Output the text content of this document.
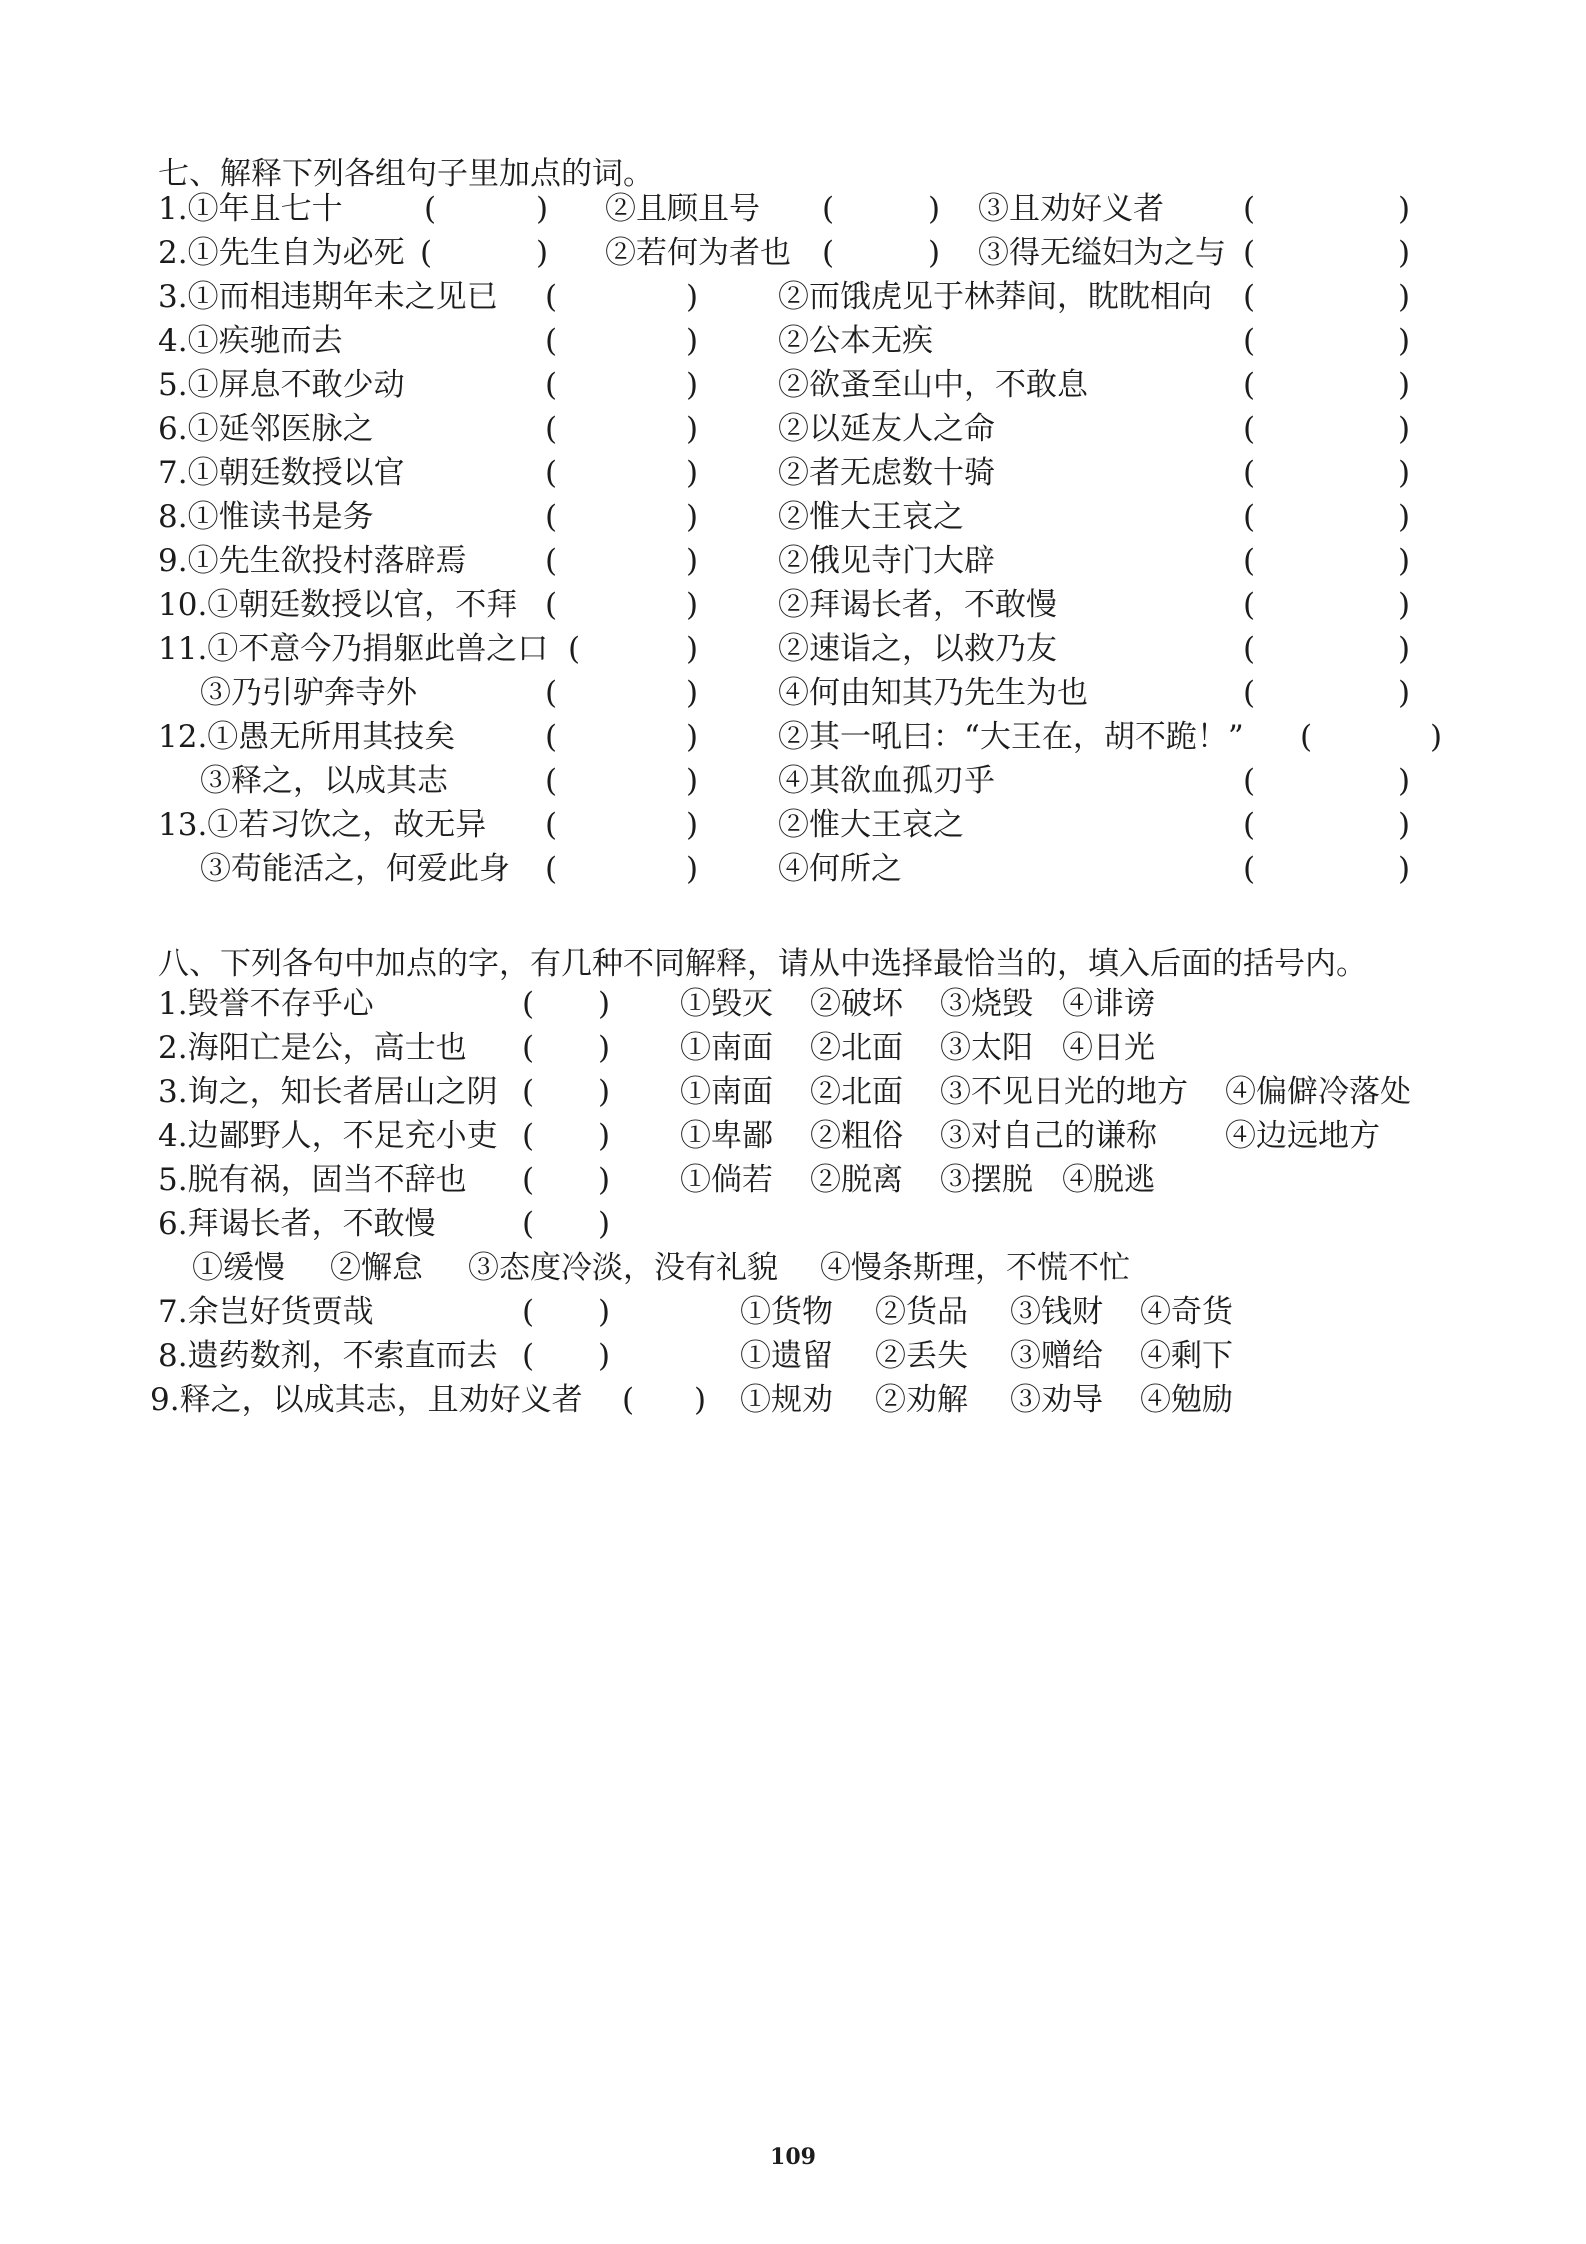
七、解释下列各组句子里加点的词。
1.①年且七十	(	) ②且顾且号 (	) ③且劝好义者	(	)
2.①先生自为必死 (	) ②若何为者也 (	) ③得无缢妇为之与 (	)
3.①而相违期年未之见已 (	)	②而饿虎见于林莽间，眈眈相向 (	)
4.①疾驰而去	(	)	②公本无疾	(	)
5.①屏息不敢少动	(	)	②欲蚤至山中，不敢息	(	)
6.①延邻医脉之	(	)	②以延友人之命	(	)
7.①朝廷数授以官	(	)	②者无虑数十骑	(	)
8.①惟读书是务	(	)	②惟大王哀之	(	)
9.①先生欲投村落辟焉	(	)	②俄见寺门大辟	(	)
10.①朝廷数授以官，不拜 (	)	②拜谒长者，不敢慢	(	)
11.①不意今乃捐躯此兽之口 (	)	②速诣之，以救乃友	(	)
③乃引驴奔寺外	(	)	④何由知其乃先生为也	(	)
12.①愚无所用其技矣	(	)	②其一吼曰：“大王在，胡不跪！” (	)
③释之，以成其志	(	)	④其欲血孤刃乎	(	)
13.①若习饮之，故无异 (	)	②惟大王哀之	(	)
③苟能活之，何爱此身 (	)	④何所之	(	)
八、下列各句中加点的字，有几种不同解释，请从中选择最恰当的，填入后面的括号内。
1.毁誉不存乎心	( ) ①毁灭 ②破坏 ③烧毁 ④诽谤
2.海阳亡是公，高士也 ( ) ①南面 ②北面 ③太阳 ④日光
3.询之，知长者居山之阴 ( ) ①南面 ②北面 ③不见日光的地方 ④偏僻冷落处
4.边鄙野人，不足充小吏 ( ) ①卑鄙 ②粗俗 ③对自己的谦称 ④边远地方
5.脱有祸，固当不辞也 ( ) ①倘若 ②脱离 ③摆脱 ④脱逃
6.拜谒长者，不敢慢	( )
①缓慢 ②懈怠 ③态度冷淡，没有礼貌 ④慢条斯理，不慌不忙
7.余岂好货贾哉	( )	①货物 ②货品 ③钱财 ④奇货
8.遗药数剂，不索直而去 ( )	①遗留 ②丢失 ③赠给 ④剩下
9.释之，以成其志，且劝好义者 ( ) ①规劝 ②劝解 ③劝导 ④勉励
109
